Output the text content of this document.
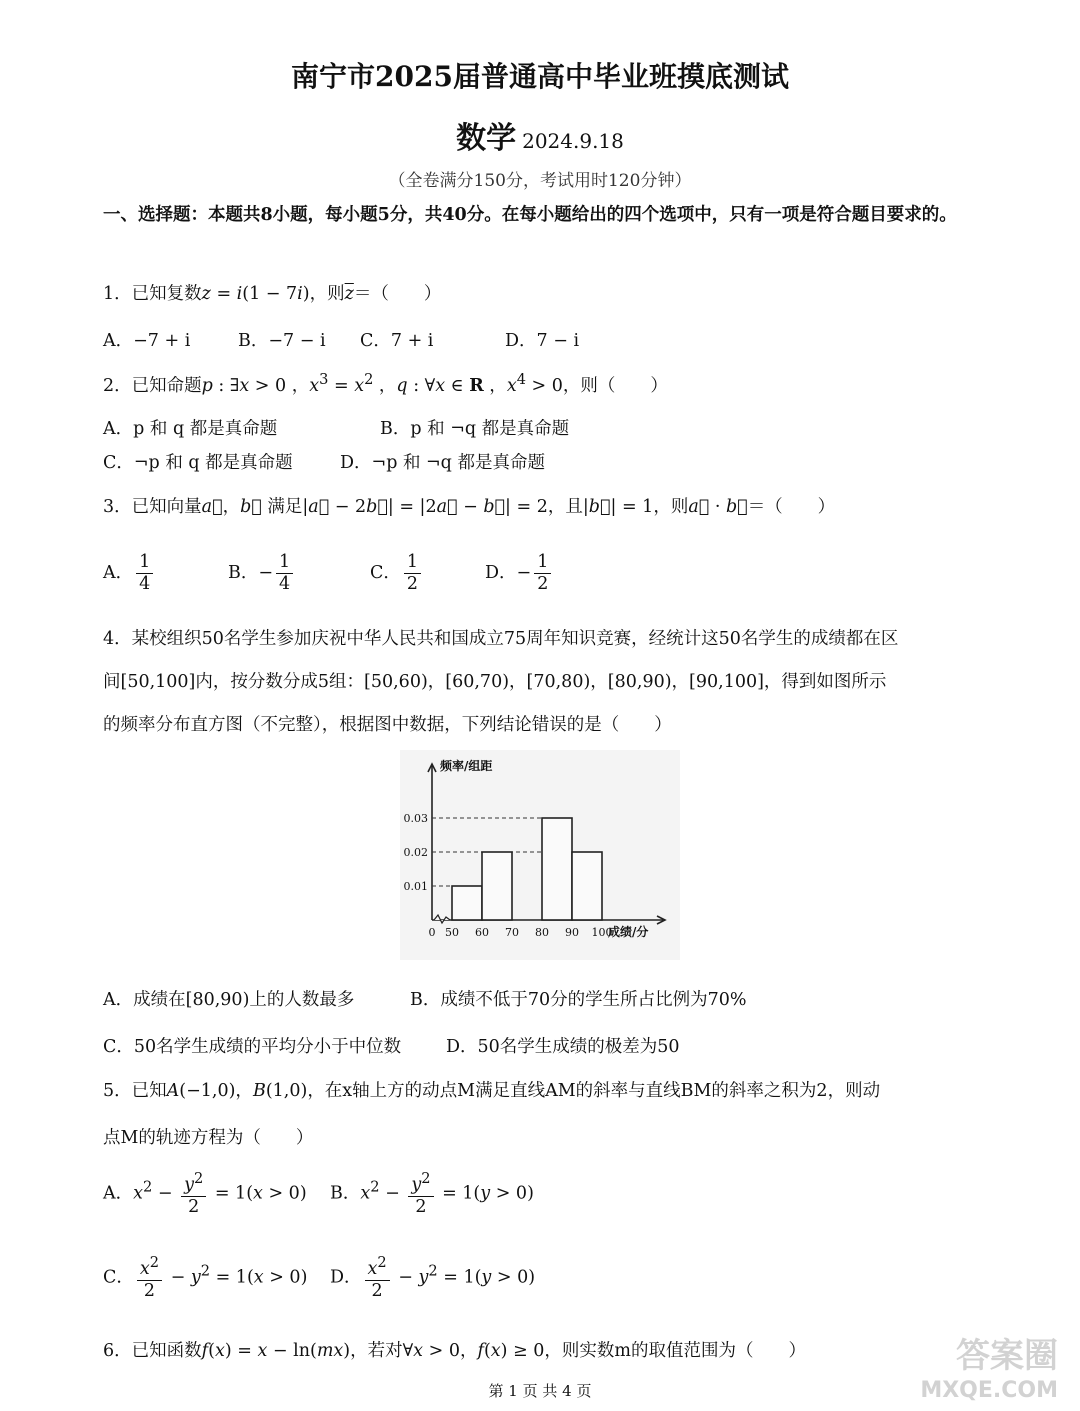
南宁市2025届普通高中毕业班摸底测试
数学 2024.9.18
（全卷满分150分，考试用时120分钟）
一、选择题：本题共8小题，每小题5分，共40分。在每小题给出的四个选项中，只有一项是符合题目要求的。
1．已知复数z = i(1 − 7i)，则$\overline{z}=$（　　）
A．−7 + i	B．−7 − i C．7 + i	D．7 − i
2．已知命题p : ∃x > 0 ，$x^3 = x^2$ ，q : ∀x ∈ R ，$x^4 > 0$，则（　　）
A．p 和 q 都是真命题	B．p 和 ¬q 都是真命题
C．¬p 和 q 都是真命题	D．¬p 和 ¬q 都是真命题
3．已知向量a⃗，b⃗ 满足|a⃗ − 2b⃗| = |2a⃗ − b⃗| = 2，且|b⃗| = 1，则a⃗ · b⃗＝（　　）
A． $\frac{1}{4}$	B．− $\frac{1}{4}$	C． $\frac{1}{2}$	D．− $\frac{1}{2}$
4．某校组织50名学生参加庆祝中华人民共和国成立75周年知识竞赛，经统计这50名学生的成绩都在区
间[50,100]内，按分数分成5组：[50,60)，[60,70)，[70,80)，[80,90)，[90,100]，得到如图所示
的频率分布直方图（不完整），根据图中数据，下列结论错误的是（　　）
0.01
0.02
0.03
0 50 60 70 80 90 100
频率/组距
成绩/分
A．成绩在[80,90)上的人数最多	B．成绩不低于70分的学生所占比例为70%
C．50名学生成绩的平均分小于中位数	D．50名学生成绩的极差为50
5．已知A(−1,0)，B(1,0)，在x轴上方的动点M满足直线AM的斜率与直线BM的斜率之积为2，则动
点M的轨迹方程为（　　）
A．$x^2 - \frac{y^2}{2} = 1(x > 0)$ B．$x^2 - \frac{y^2}{2} = 1(y > 0)$
C． $\frac{x^2}{2} - y^2 = 1(x > 0)$ D． $\frac{x^2}{2} - y^2 = 1(y > 0)$
6．已知函数f(x) = x − ln(mx)，若对∀x > 0，f(x) ≥ 0，则实数m的取值范围为（　　）
第 1 页 共 4 页
答案圈
MXQE.COM
